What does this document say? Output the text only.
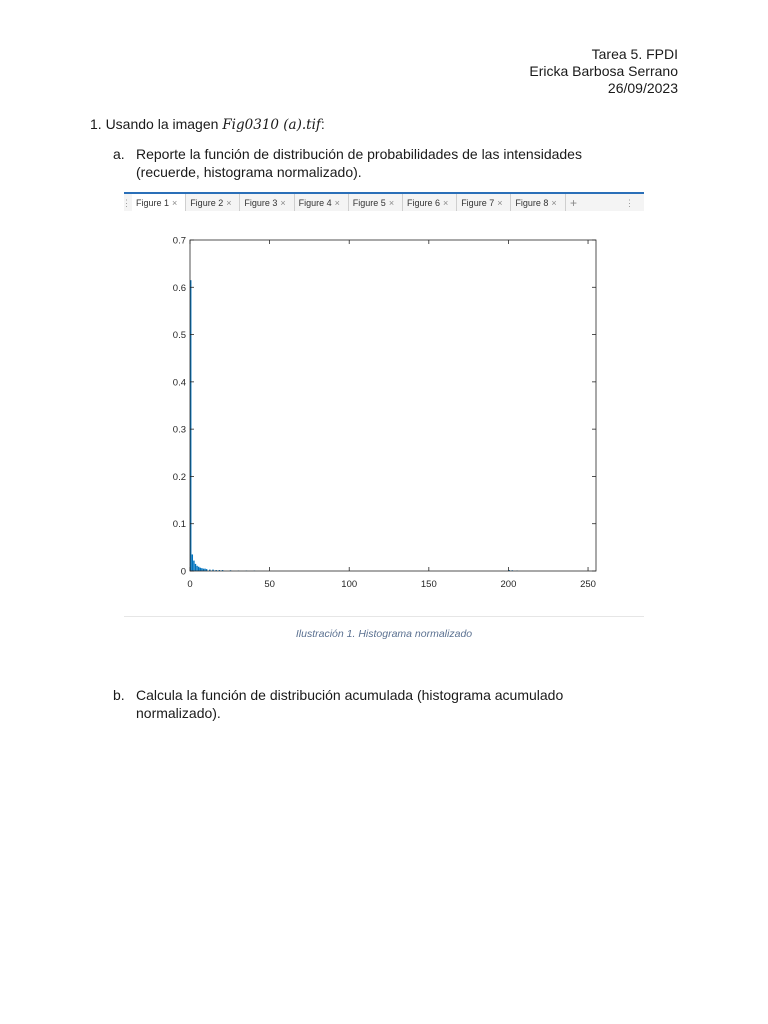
Tarea 5. FPDI
Ericka Barbosa Serrano
26/09/2023
1. Usando la imagen Fig0310 (a).tif:
a. Reporte la función de distribución de probabilidades de las intensidades (recuerde, histograma normalizado).
⋮ Figure 1 ×	Figure 2 ×	Figure 3 ×	Figure 4 ×	Figure 5 ×	Figure 6 ×	Figure 7 ×	Figure 8 ×	+	⋮
0	50	100	150	200	250
0
0.1
0.2
0.3
0.4
0.5
0.6
0.7
Ilustración 1. Histograma normalizado
b. Calcula la función de distribución acumulada (histograma acumulado normalizado).
